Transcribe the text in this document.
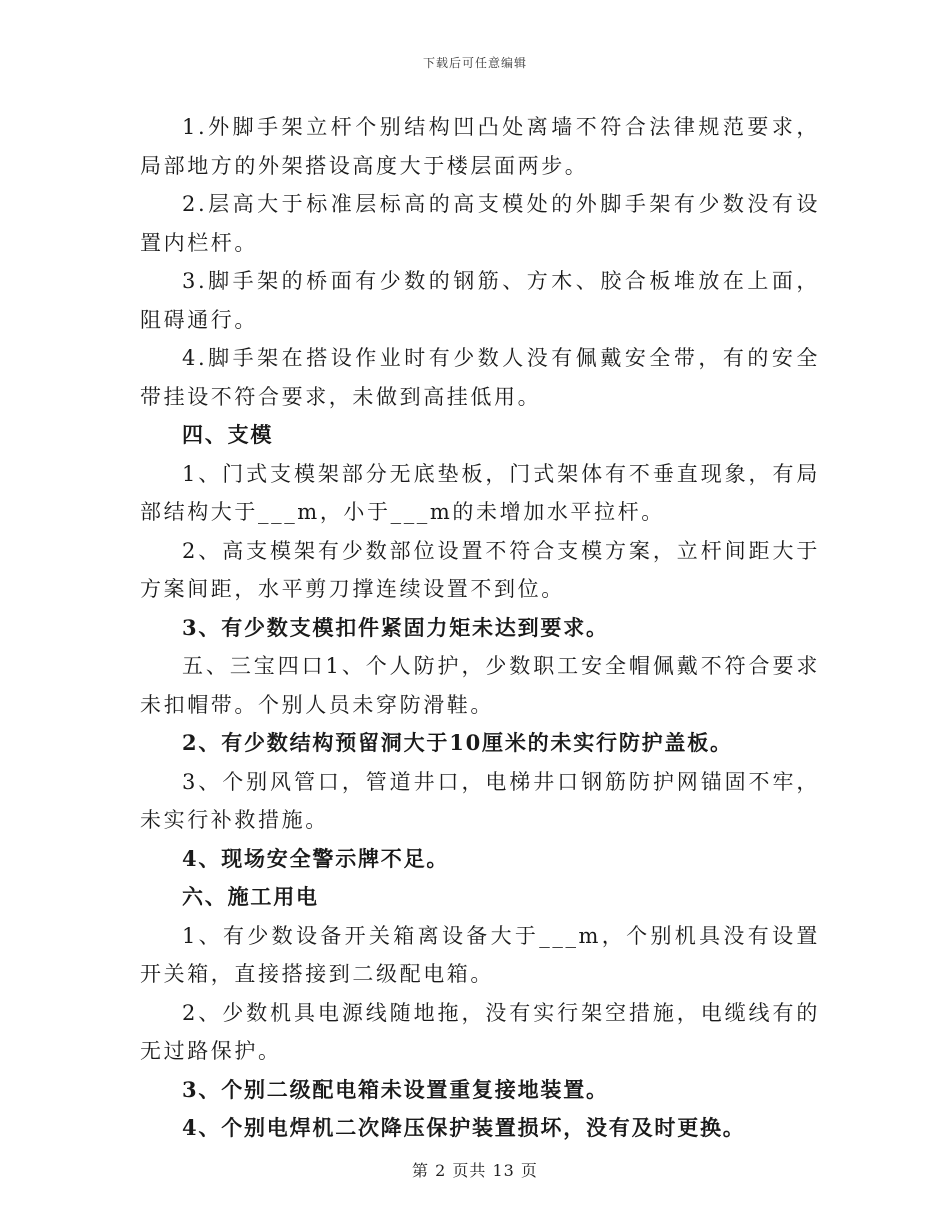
下载后可任意编辑

1.外脚手架立杆个别结构凹凸处离墙不符合法律规范要求，局部地方的外架搭设高度大于楼层面两步。

2.层高大于标准层标高的高支模处的外脚手架有少数没有设置内栏杆。

3.脚手架的桥面有少数的钢筋、方木、胶合板堆放在上面，阻碍通行。

4.脚手架在搭设作业时有少数人没有佩戴安全带，有的安全带挂设不符合要求，未做到高挂低用。

四、支模

1、门式支模架部分无底垫板，门式架体有不垂直现象，有局部结构大于___m，小于___m的未增加水平拉杆。

2、高支模架有少数部位设置不符合支模方案，立杆间距大于方案间距，水平剪刀撑连续设置不到位。

3、有少数支模扣件紧固力矩未达到要求。

五、三宝四口1、个人防护，少数职工安全帽佩戴不符合要求未扣帽带。个别人员未穿防滑鞋。

2、有少数结构预留洞大于10厘米的未实行防护盖板。

3、个别风管口，管道井口，电梯井口钢筋防护网锚固不牢，未实行补救措施。

4、现场安全警示牌不足。

六、施工用电

1、有少数设备开关箱离设备大于___m，个别机具没有设置开关箱，直接搭接到二级配电箱。

2、少数机具电源线随地拖，没有实行架空措施，电缆线有的无过路保护。

3、个别二级配电箱未设置重复接地装置。

4、个别电焊机二次降压保护装置损坏，没有及时更换。

第 2 页共 13 页
